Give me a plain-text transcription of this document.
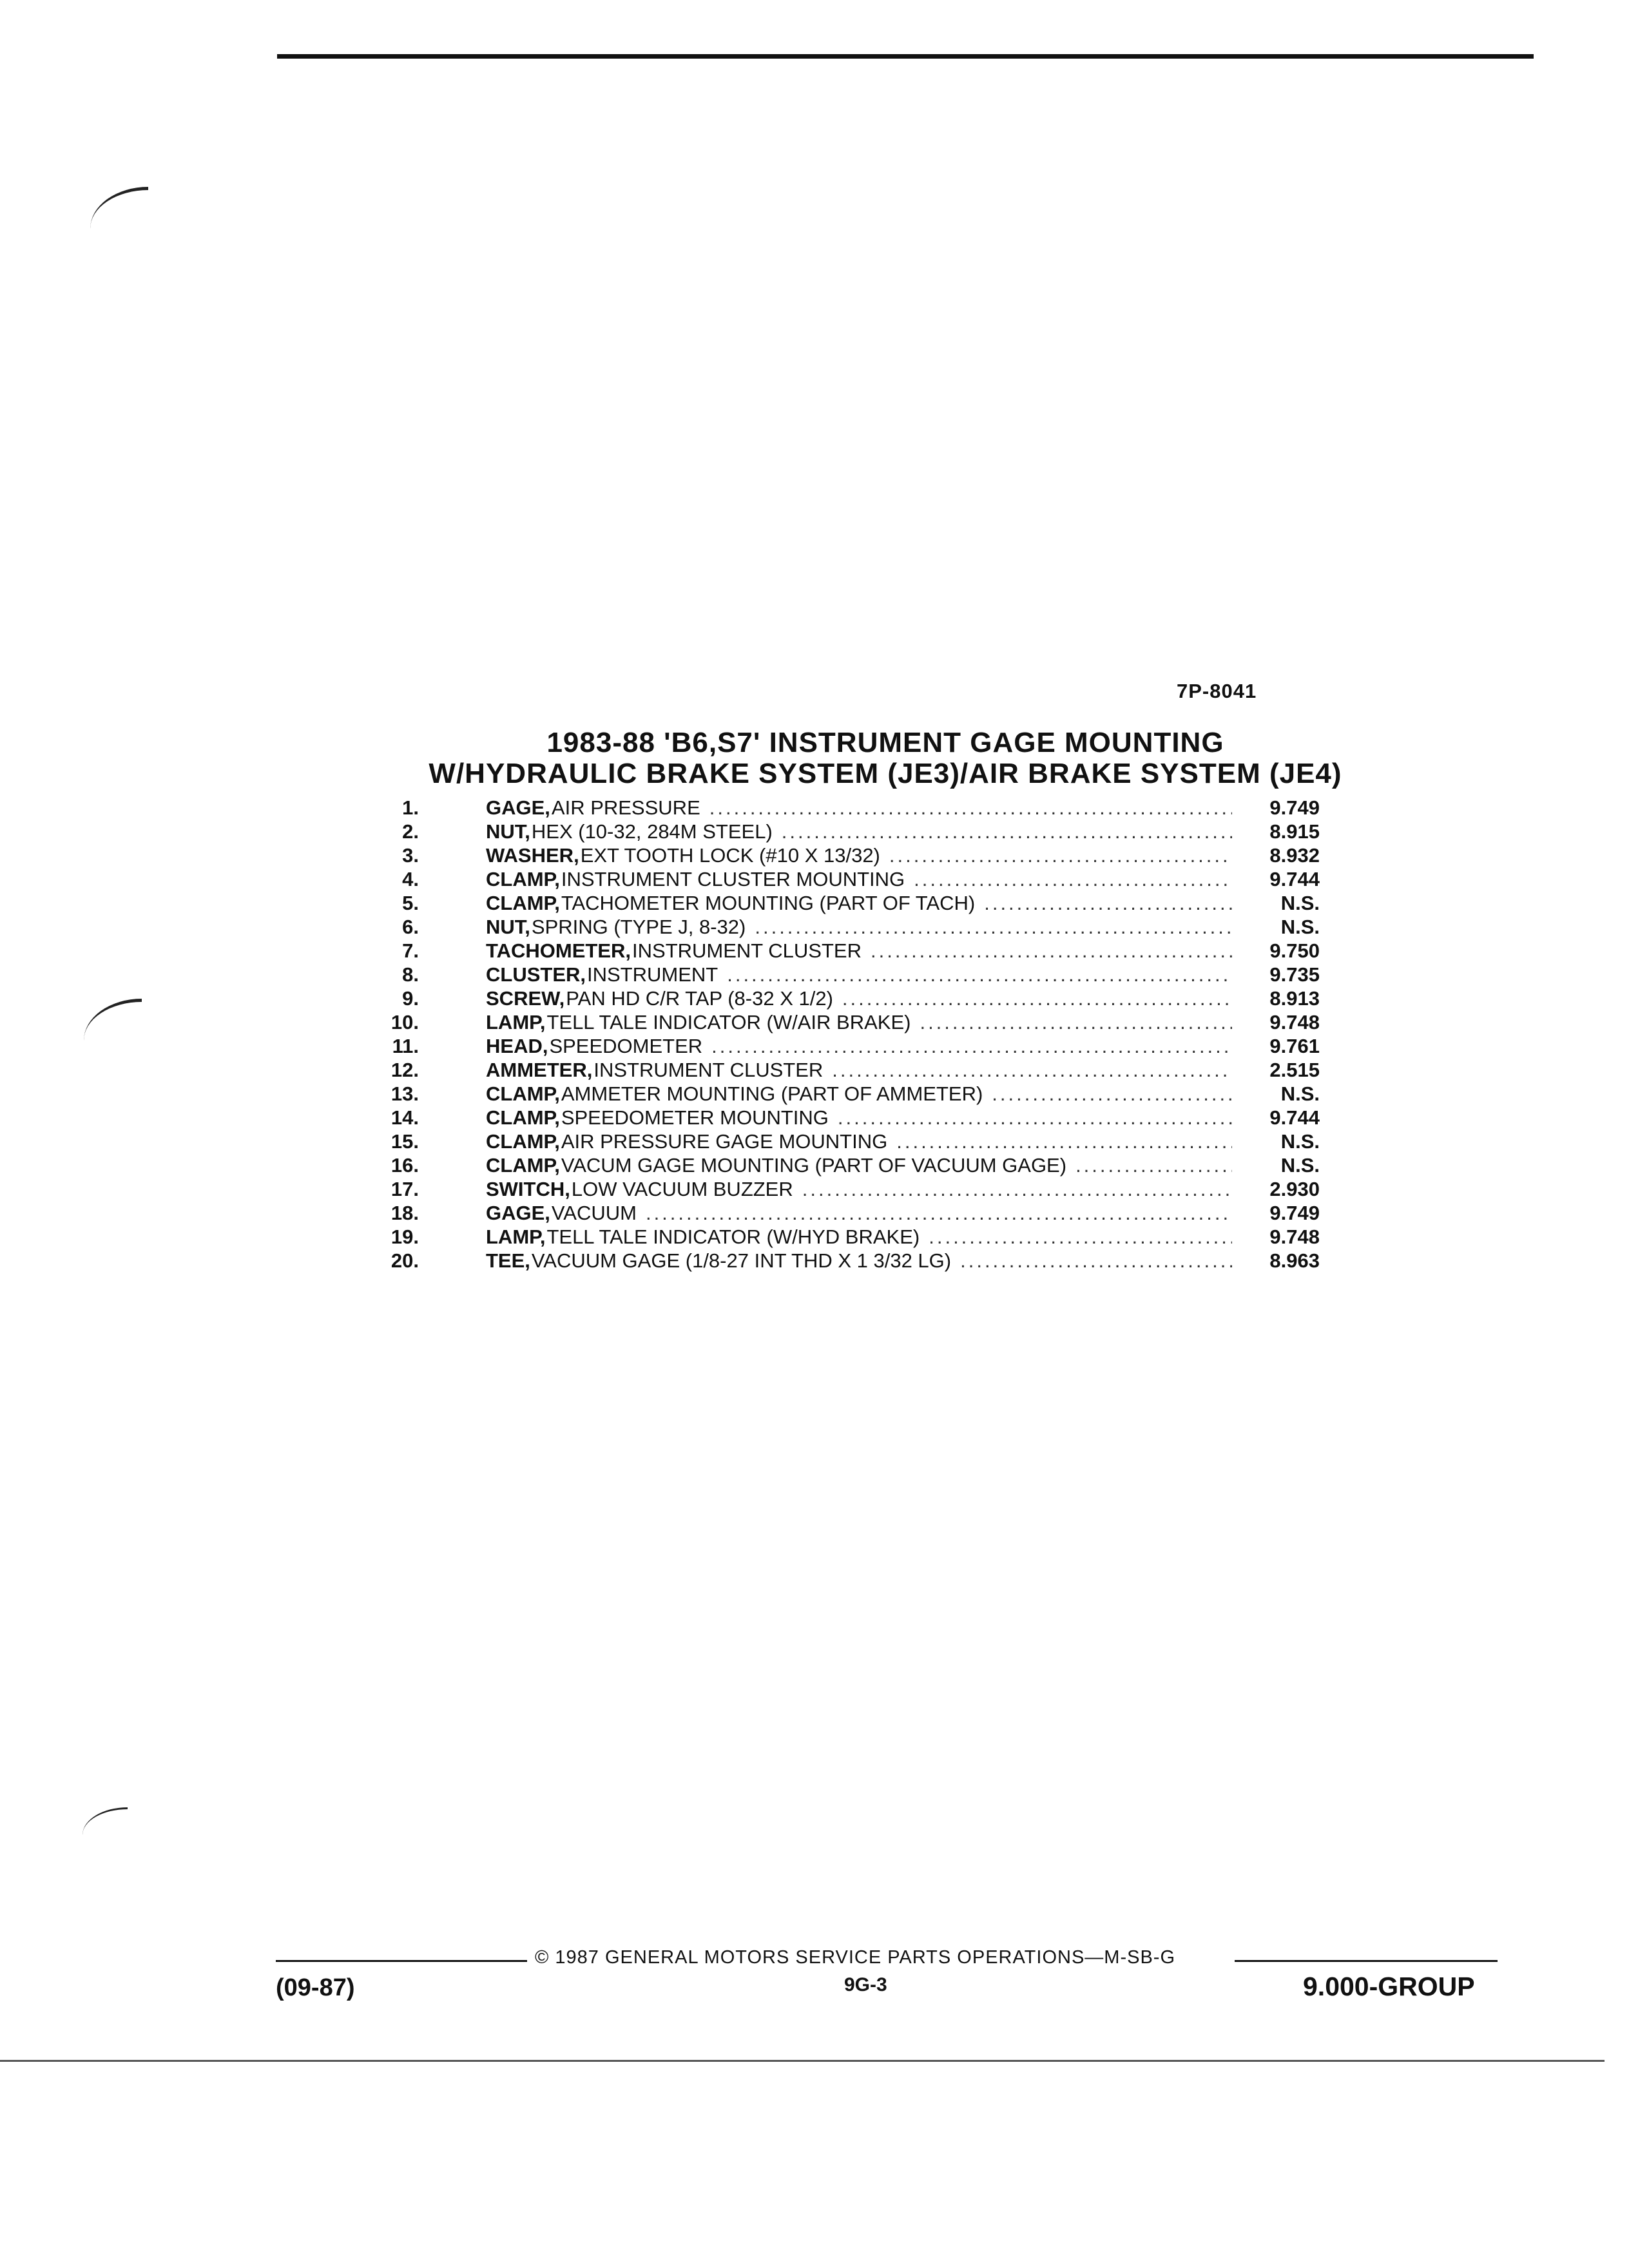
7P-8041
1983-88 'B6,S7' INSTRUMENT GAGE MOUNTING
W/HYDRAULIC BRAKE SYSTEM (JE3)/AIR BRAKE SYSTEM (JE4)
1.	GAGE, AIR PRESSURE .....	9.749
2.	NUT, HEX (10-32, 284M STEEL) .....	8.915
3.	WASHER, EXT TOOTH LOCK (#10 X 13/32) .....	8.932
4.	CLAMP, INSTRUMENT CLUSTER MOUNTING .....	9.744
5.	CLAMP, TACHOMETER MOUNTING (PART OF TACH) .....	N.S.
6.	NUT, SPRING (TYPE J, 8-32) .....	N.S.
7.	TACHOMETER, INSTRUMENT CLUSTER .....	9.750
8.	CLUSTER, INSTRUMENT .....	9.735
9.	SCREW, PAN HD C/R TAP (8-32 X 1/2) .....	8.913
10.	LAMP, TELL TALE INDICATOR (W/AIR BRAKE) .....	9.748
11.	HEAD, SPEEDOMETER .....	9.761
12.	AMMETER, INSTRUMENT CLUSTER .....	2.515
13.	CLAMP, AMMETER MOUNTING (PART OF AMMETER) .....	N.S.
14.	CLAMP, SPEEDOMETER MOUNTING .....	9.744
15.	CLAMP, AIR PRESSURE GAGE MOUNTING .....	N.S.
16.	CLAMP, VACUM GAGE MOUNTING (PART OF VACUUM GAGE) .....	N.S.
17.	SWITCH, LOW VACUUM BUZZER .....	2.930
18.	GAGE, VACUUM .....	9.749
19.	LAMP, TELL TALE INDICATOR (W/HYD BRAKE) .....	9.748
20.	TEE, VACUUM GAGE (1/8-27 INT THD X 1 3/32 LG) .....	8.963
© 1987 GENERAL MOTORS SERVICE PARTS OPERATIONS—M-SB-G
(09-87)	9G-3	9.000-GROUP
